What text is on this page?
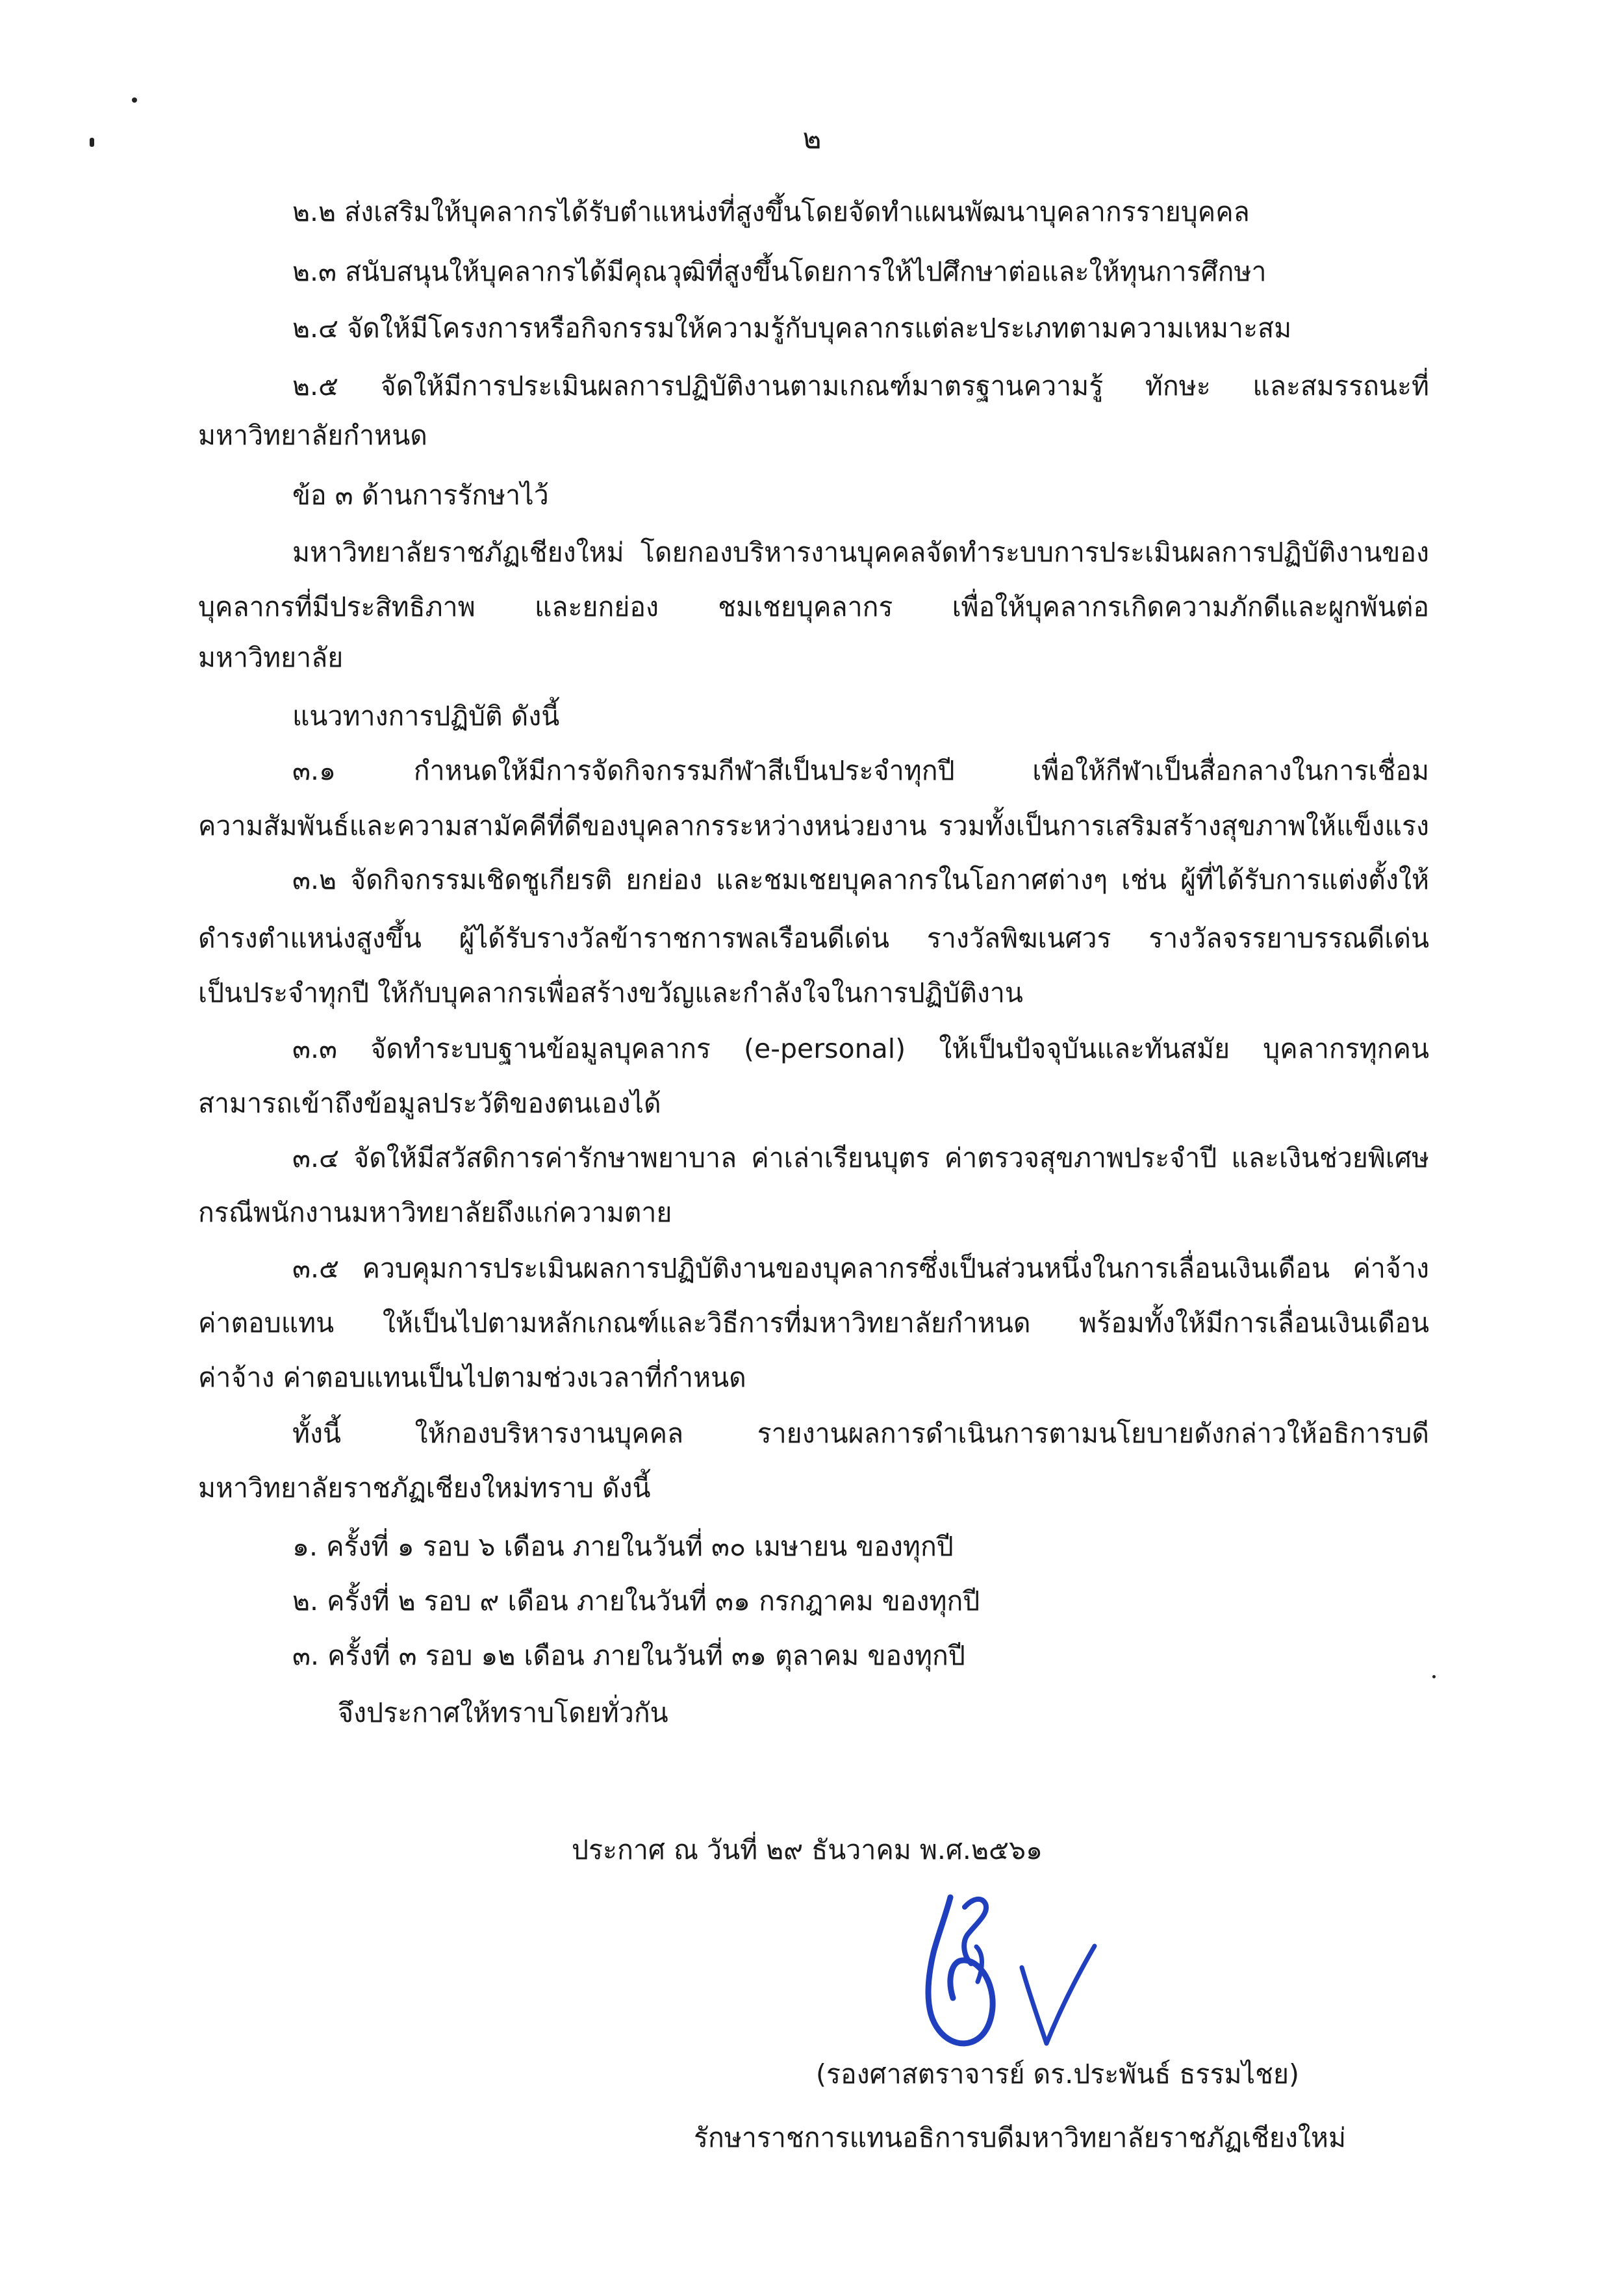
๒
๒.๒ ส่งเสริมให้บุคลากรได้รับตำแหน่งที่สูงขึ้นโดยจัดทำแผนพัฒนาบุคลากรรายบุคคล
๒.๓ สนับสนุนให้บุคลากรได้มีคุณวุฒิที่สูงขึ้นโดยการให้ไปศึกษาต่อและให้ทุนการศึกษา
๒.๔ จัดให้มีโครงการหรือกิจกรรมให้ความรู้กับบุคลากรแต่ละประเภทตามความเหมาะสม
๒.๕ จัดให้มีการประเมินผลการปฏิบัติงานตามเกณฑ์มาตรฐานความรู้ ทักษะ และสมรรถนะที่
มหาวิทยาลัยกำหนด
ข้อ ๓ ด้านการรักษาไว้
มหาวิทยาลัยราชภัฏเชียงใหม่ โดยกองบริหารงานบุคคลจัดทำระบบการประเมินผลการปฏิบัติงานของ
บุคลากรที่มีประสิทธิภาพ และยกย่อง ชมเชยบุคลากร เพื่อให้บุคลากรเกิดความภักดีและผูกพันต่อ
มหาวิทยาลัย
แนวทางการปฏิบัติ ดังนี้
๓.๑ กำหนดให้มีการจัดกิจกรรมกีฬาสีเป็นประจำทุกปี เพื่อให้กีฬาเป็นสื่อกลางในการเชื่อม
ความสัมพันธ์และความสามัคคีที่ดีของบุคลากรระหว่างหน่วยงาน รวมทั้งเป็นการเสริมสร้างสุขภาพให้แข็งแรง
๓.๒ จัดกิจกรรมเชิดชูเกียรติ ยกย่อง และชมเชยบุคลากรในโอกาศต่างๆ เช่น ผู้ที่ได้รับการแต่งตั้งให้
ดำรงตำแหน่งสูงขึ้น ผู้ได้รับรางวัลข้าราชการพลเรือนดีเด่น รางวัลพิฆเนศวร รางวัลจรรยาบรรณดีเด่น
เป็นประจำทุกปี ให้กับบุคลากรเพื่อสร้างขวัญและกำลังใจในการปฏิบัติงาน
๓.๓ จัดทำระบบฐานข้อมูลบุคลากร (e-personal) ให้เป็นปัจจุบันและทันสมัย บุคลากรทุกคน
สามารถเข้าถึงข้อมูลประวัติของตนเองได้
๓.๔ จัดให้มีสวัสดิการค่ารักษาพยาบาล ค่าเล่าเรียนบุตร ค่าตรวจสุขภาพประจำปี และเงินช่วยพิเศษ
กรณีพนักงานมหาวิทยาลัยถึงแก่ความตาย
๓.๕ ควบคุมการประเมินผลการปฏิบัติงานของบุคลากรซึ่งเป็นส่วนหนึ่งในการเลื่อนเงินเดือน ค่าจ้าง
ค่าตอบแทน ให้เป็นไปตามหลักเกณฑ์และวิธีการที่มหาวิทยาลัยกำหนด พร้อมทั้งให้มีการเลื่อนเงินเดือน
ค่าจ้าง ค่าตอบแทนเป็นไปตามช่วงเวลาที่กำหนด
ทั้งนี้ ให้กองบริหารงานบุคคล รายงานผลการดำเนินการตามนโยบายดังกล่าวให้อธิการบดี
มหาวิทยาลัยราชภัฏเชียงใหม่ทราบ ดังนี้
๑. ครั้งที่ ๑ รอบ ๖ เดือน ภายในวันที่ ๓๐ เมษายน ของทุกปี
๒. ครั้งที่ ๒ รอบ ๙ เดือน ภายในวันที่ ๓๑ กรกฎาคม ของทุกปี
๓. ครั้งที่ ๓ รอบ ๑๒ เดือน ภายในวันที่ ๓๑ ตุลาคม ของทุกปี
จึงประกาศให้ทราบโดยทั่วกัน
ประกาศ ณ วันที่ ๒๙ ธันวาคม พ.ศ.๒๕๖๑
(รองศาสตราจารย์ ดร.ประพันธ์ ธรรมไชย)
รักษาราชการแทนอธิการบดีมหาวิทยาลัยราชภัฏเชียงใหม่
